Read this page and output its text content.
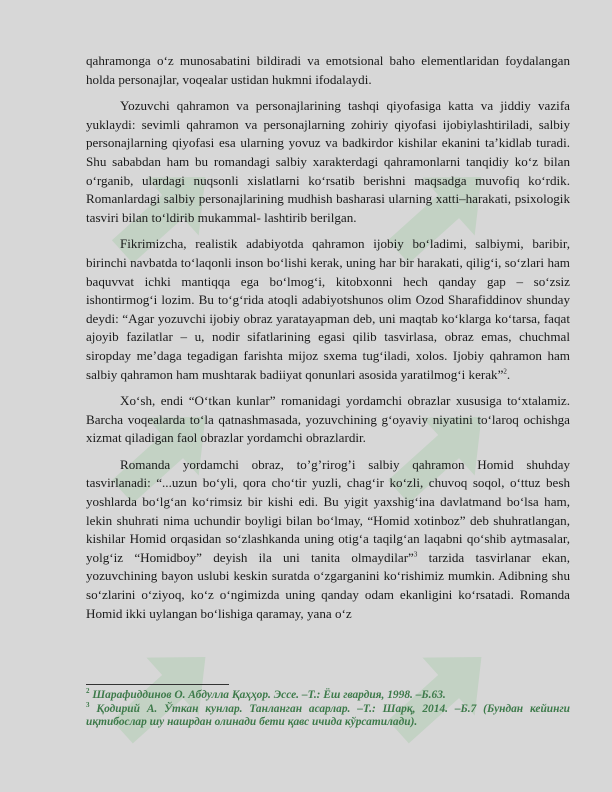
qahramonga o‘z munosabatini bildiradi va emotsional baho elementlaridan foydalangan holda personajlar, voqealar ustidan hukmni ifodalaydi.

Yozuvchi qahramon va personajlarining tashqi qiyofasiga katta va jiddiy vazifa yuklaydi: sevimli qahramon va personajlarning zohiriy qiyofasi ijobiylashtiriladi, salbiy personajlarning qiyofasi esa ularning yovuz va badkirdor kishilar ekanini ta’kidlab turadi. Shu sababdan ham bu romandagi salbiy xarakterdagi qahramonlarni tanqidiy ko‘z bilan o‘rganib, ulardagi nuqsonli xislatlarni ko‘rsatib berishni maqsadga muvofiq ko‘rdik. Romanlardagi salbiy personajlarining mudhish basharasi ularning xatti–harakati, psixologik tasviri bilan to‘ldirib mukammal- lashtirib berilgan.

Fikrimizcha, realistik adabiyotda qahramon ijobiy bo‘ladimi, salbiymi, baribir, birinchi navbatda to‘laqonli inson bo‘lishi kerak, uning har bir harakati, qilig‘i, so‘zlari ham baquvvat ichki mantiqqa ega bo‘lmog‘i, kitobxonni hech qanday gap – so‘zsiz ishontirmog‘i lozim. Bu to‘g‘rida atoqli adabiyotshunos olim Ozod Sharafiddinov shunday deydi: “Agar yozuvchi ijobiy obraz yaratayapman deb, uni maqtab ko‘klarga ko‘tarsa, faqat ajoyib fazilatlar – u, nodir sifatlarining egasi qilib tasvirlasa, obraz emas, chuchmal siropday me’daga tegadigan farishta mijoz sxema tug‘iladi, xolos. Ijobiy qahramon ham salbiy qahramon ham mushtarak badiiyat qonunlari asosida yaratilmog‘i kerak”$^2$.

Xo‘sh, endi “O‘tkan kunlar” romanidagi yordamchi obrazlar xususiga to‘xtalamiz. Barcha voqealarda to‘la qatnashmasada, yozuvchining g‘oyaviy niyatini to‘laroq ochishga xizmat qiladigan faol obrazlar yordamchi obrazlardir.

Romanda yordamchi obraz, to’g’rirog’i salbiy qahramon Homid shuhday tasvirlanadi: “...uzun bo‘yli, qora cho‘tir yuzli, chag‘ir ko‘zli, chuvoq soqol, o‘ttuz besh yoshlarda bo‘lg‘an ko‘rimsiz bir kishi edi. Bu yigit yaxshig‘ina davlatmand bo‘lsa ham, lekin shuhrati nima uchundir boyligi bilan bo‘lmay, “Homid xotinboz” deb shuhratlangan, kishilar Homid orqasidan so‘zlashkanda uning otig‘a taqilg‘an laqabni qo‘shib aytmasalar, yolg‘iz “Homidboy” deyish ila uni tanita olmaydilar”$^3$ tarzida tasvirlanar ekan, yozuvchining bayon uslubi keskin suratda o‘zgarganini ko‘rishimiz mumkin. Adibning shu so‘zlarini o‘ziyoq, ko‘z o‘ngimizda uning qanday odam ekanligini ko‘rsatadi. Romanda Homid ikki uylangan bo‘lishiga qaramay, yana o‘z

$^2$ Шарафиддинов О. Абдулла Қаҳҳор. Эссе. –Т.: Ёш гвардия, 1998. –Б.63.

$^3$ Қодирий А. Ўткан кунлар. Танланган асарлар. –Т.: Шарқ, 2014. –Б.7 (Бундан кейинги иқтибослар шу нашрдан олинади бети қавс ичида кўрсатилади).
